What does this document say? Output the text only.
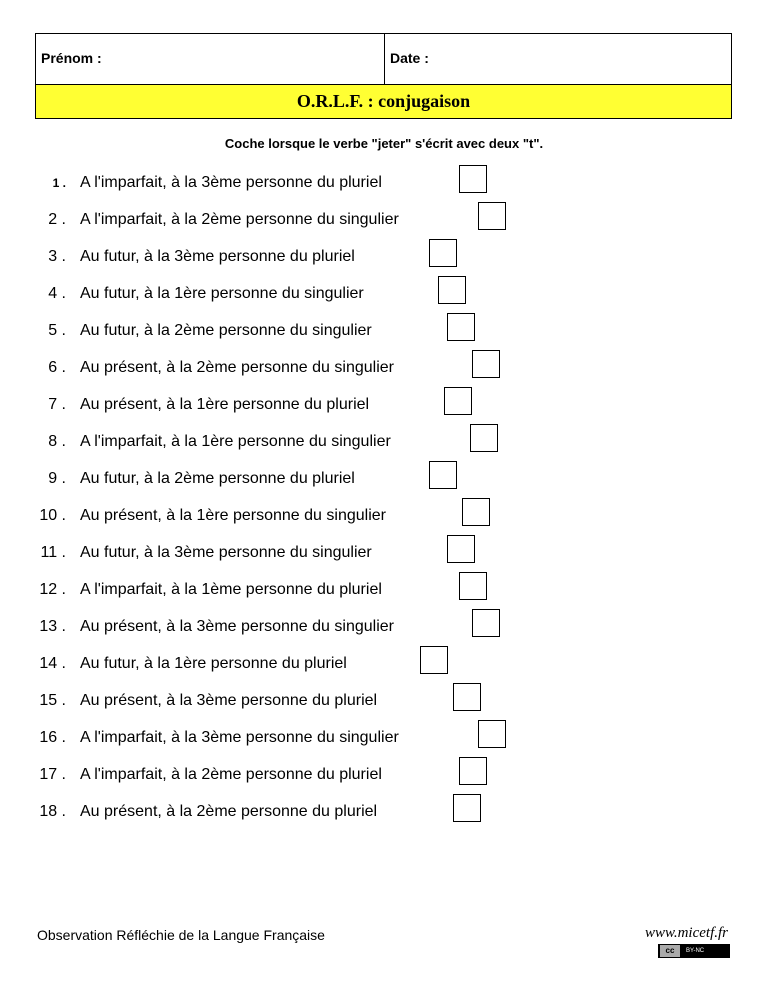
Prénom :	Date :
O.R.L.F. : conjugaison
Coche lorsque le verbe "jeter" s'écrit avec deux "t".
1 . A l'imparfait, à la 3ème personne du pluriel
2 . A l'imparfait, à la 2ème personne du singulier
3 . Au futur, à la 3ème personne du pluriel
4 . Au futur, à la 1ère personne du singulier
5 . Au futur, à la 2ème personne du singulier
6 . Au présent, à la 2ème personne du singulier
7 . Au présent, à la 1ère personne du pluriel
8 . A l'imparfait, à la 1ère personne du singulier
9 . Au futur, à la 2ème personne du pluriel
10 . Au présent, à la 1ère personne du singulier
11 . Au futur, à la 3ème personne du singulier
12 . A l'imparfait, à la 1ème personne du pluriel
13 . Au présent, à la 3ème personne du singulier
14 . Au futur, à la 1ère personne du pluriel
15 . Au présent, à la 3ème personne du pluriel
16 . A l'imparfait, à la 3ème personne du singulier
17 . A l'imparfait, à la 2ème personne du pluriel
18 . Au présent, à la 2ème personne du pluriel
Observation Réfléchie de la Langue Française	www.micetf.fr
cc	BY-NC
